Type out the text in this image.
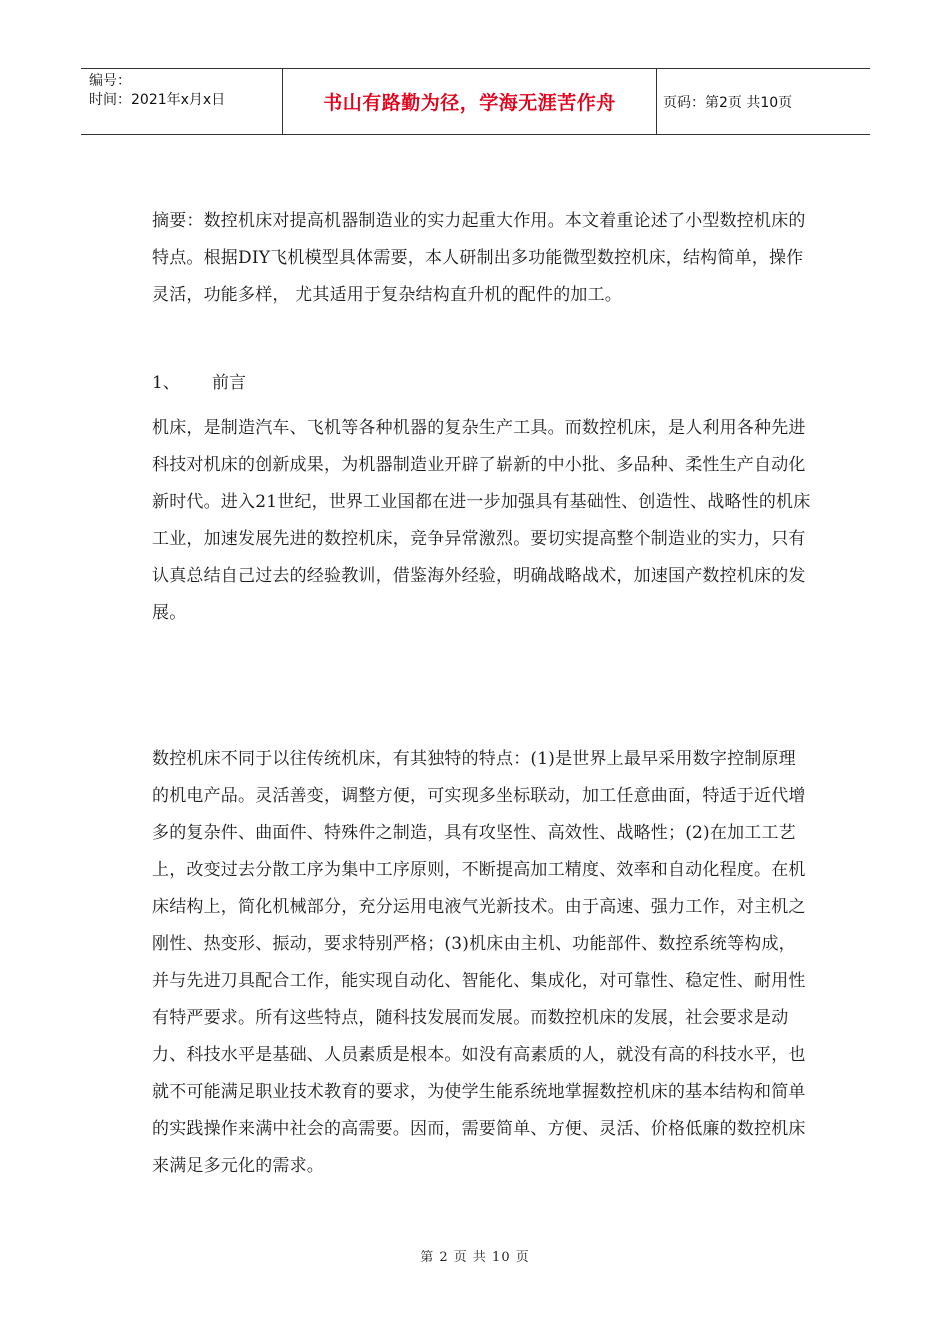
编号：
时间：2021年x月x日	书山有路勤为径，学海无涯苦作舟	页码：第2页 共10页
摘要：数控机床对提高机器制造业的实力起重大作用。本文着重论述了小型数控机床的特点。根据DIY飞机模型具体需要，本人研制出多功能微型数控机床，结构简单，操作灵活，功能多样， 尤其适用于复杂结构直升机的配件的加工。
1、 前言
机床，是制造汽车、飞机等各种机器的复杂生产工具。而数控机床，是人利用各种先进科技对机床的创新成果，为机器制造业开辟了崭新的中小批、多品种、柔性生产自动化新时代。进入21世纪，世界工业国都在进一步加强具有基础性、创造性、战略性的机床工业，加速发展先进的数控机床，竞争异常激烈。要切实提高整个制造业的实力，只有认真总结自己过去的经验教训，借鉴海外经验，明确战略战术，加速国产数控机床的发展。
数控机床不同于以往传统机床，有其独特的特点：(1)是世界上最早采用数字控制原理的机电产品。灵活善变，调整方便，可实现多坐标联动，加工任意曲面，特适于近代增多的复杂件、曲面件、特殊件之制造，具有攻坚性、高效性、战略性；(2)在加工工艺上，改变过去分散工序为集中工序原则，不断提高加工精度、效率和自动化程度。在机床结构上，简化机械部分，充分运用电液气光新技术。由于高速、强力工作，对主机之刚性、热变形、振动，要求特别严格；(3)机床由主机、功能部件、数控系统等构成，并与先进刀具配合工作，能实现自动化、智能化、集成化，对可靠性、稳定性、耐用性有特严要求。所有这些特点，随科技发展而发展。而数控机床的发展，社会要求是动力、科技水平是基础、人员素质是根本。如没有高素质的人，就没有高的科技水平，也就不可能满足职业技术教育的要求，为使学生能系统地掌握数控机床的基本结构和简单的实践操作来满中社会的高需要。因而，需要简单、方便、灵活、价格低廉的数控机床来满足多元化的需求。
第 2 页 共 10 页
